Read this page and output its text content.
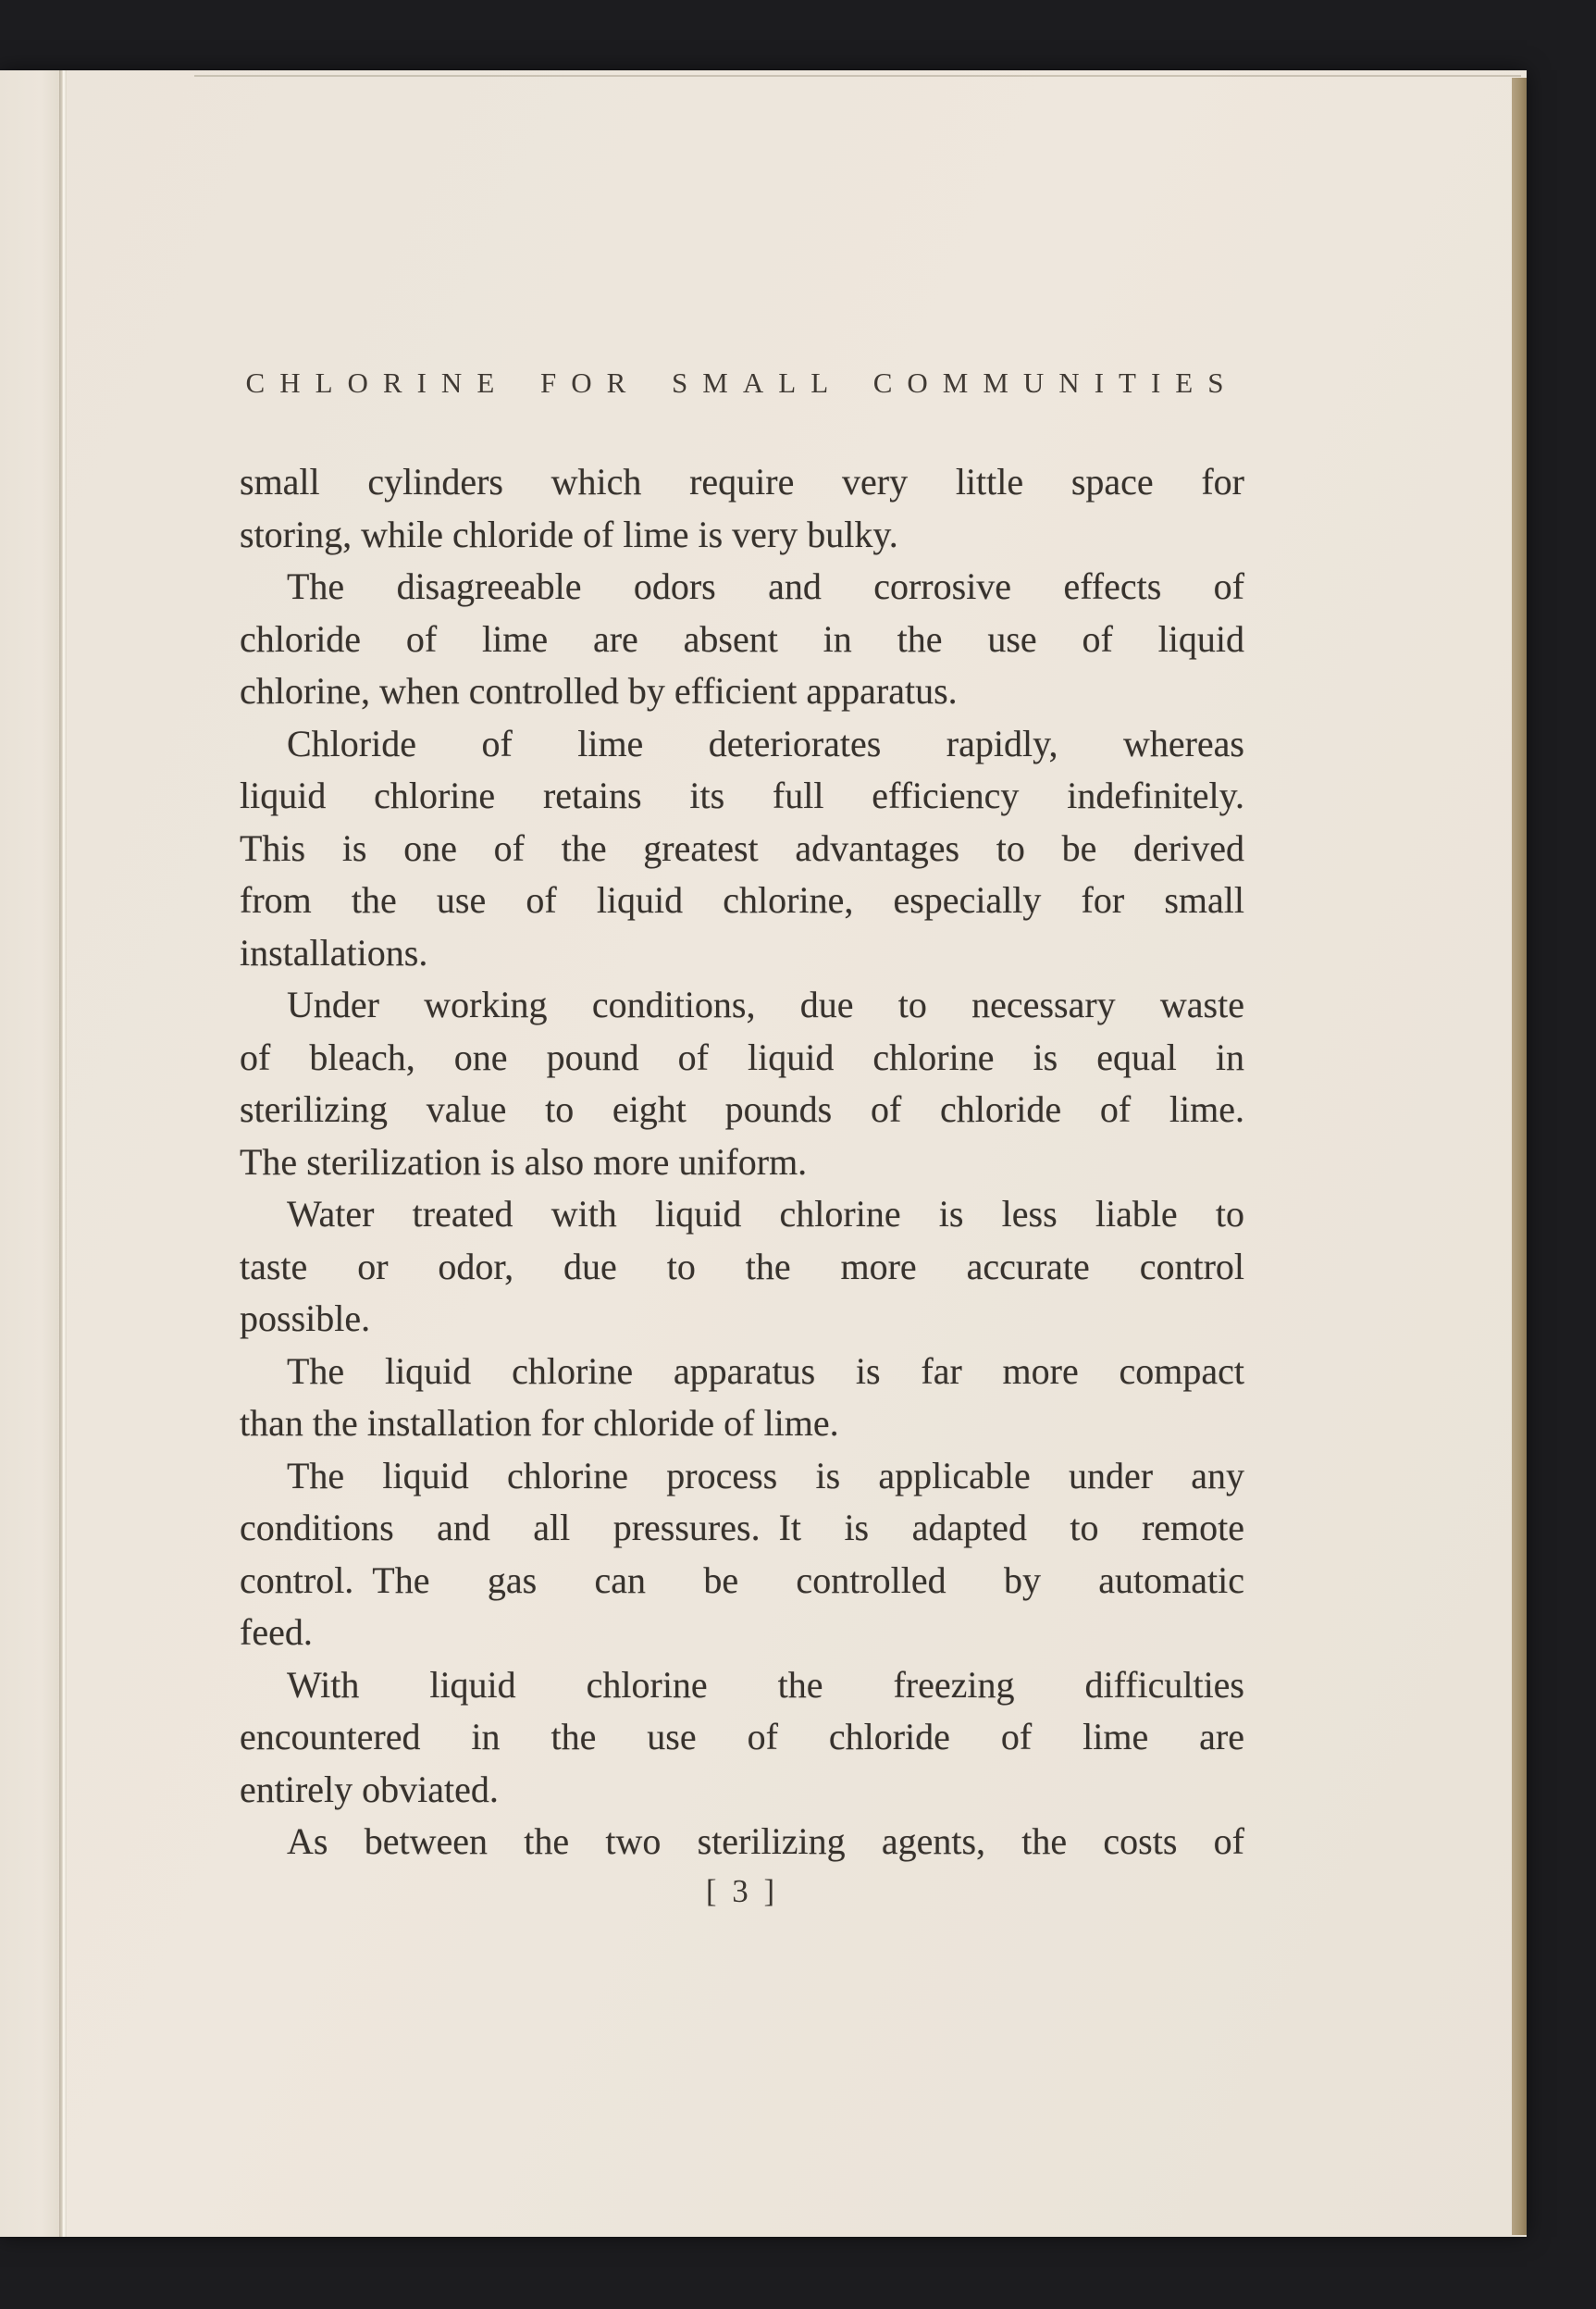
CHLORINE FOR SMALL COMMUNITIES
small cylinders which require very little space for
storing, while chloride of lime is very bulky.
The disagreeable odors and corrosive effects of
chloride of lime are absent in the use of liquid
chlorine, when controlled by efficient apparatus.
Chloride of lime deteriorates rapidly, whereas
liquid chlorine retains its full efficiency indefinitely.
This is one of the greatest advantages to be derived
from the use of liquid chlorine, especially for small
installations.
Under working conditions, due to necessary waste
of bleach, one pound of liquid chlorine is equal in
sterilizing value to eight pounds of chloride of lime.
The sterilization is also more uniform.
Water treated with liquid chlorine is less liable to
taste or odor, due to the more accurate control
possible.
The liquid chlorine apparatus is far more compact
than the installation for chloride of lime.
The liquid chlorine process is applicable under any
conditions and all pressures. It is adapted to remote
control. The gas can be controlled by automatic
feed.
With liquid chlorine the freezing difficulties
encountered in the use of chloride of lime are
entirely obviated.
As between the two sterilizing agents, the costs of
[ 3 ]
